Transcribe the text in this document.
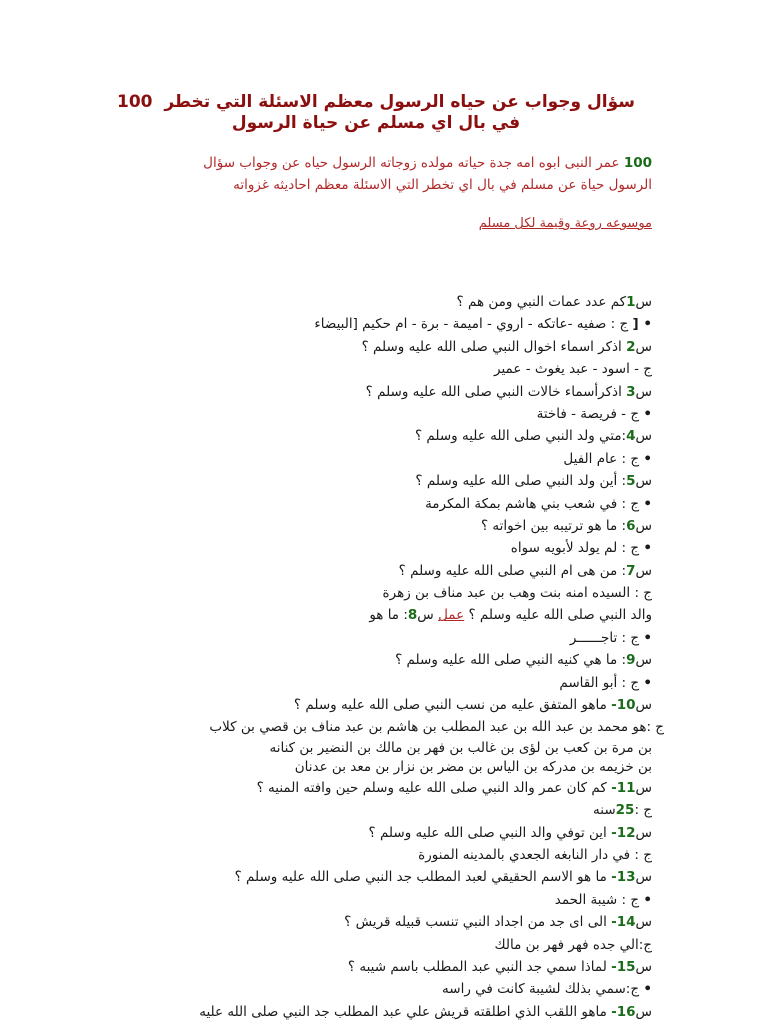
سؤال وجواب عن حياه الرسول معظم الاسئلة التي تخطر  100
في بال اي مسلم عن حياة الرسول
100 عمر النبى ابوه امه جدة حياته مولده زوجاته الرسول حياه عن وجواب سؤال
الرسول حياة عن مسلم في بال اي تخطر التي الاسئلة معظم احاديثه غزواته
موسوعه روعة وقيمة لكل مسلم
س1كم عدد عمات النبي ومن هم ؟
• [ ج : صفيه -عاتكه - اروي - اميمة - برة - ام حكيم [البيضاء
س2 اذكر اسماء اخوال النبي صلى الله عليه وسلم ؟
ج - اسود - عبد يغوث - عمير
س3 اذكرأسماء خالات النبي صلى الله عليه وسلم ؟
• ج - فريصة - فاختة
س4:متي ولد النبي صلى الله عليه وسلم ؟
• ج : عام الفيل
س5: أين ولد النبي صلى الله عليه وسلم ؟
• ج : في شعب بني هاشم بمكة المكرمة
س6: ما هو ترتيبه بين اخواته ؟
• ج : لم يولد لأبويه سواه
س7: من هى ام النبي صلى الله عليه وسلم ؟
ج : السيده امنه بنت وهب بن عبد مناف بن زهرة
والد النبي صلى الله عليه وسلم ؟ عمل س8: ما هو
• ج : تاجــــــر
س9: ما هي كنيه النبي صلى الله عليه وسلم ؟
• ج : أبو القاسم
س10- ماهو المتفق عليه من نسب النبي صلى الله عليه وسلم ؟
ج :هو محمد بن عبد الله بن عبد المطلب بن هاشم بن عبد مناف بن قصي بن كلاب
بن مرة بن كعب بن لؤى بن غالب بن فهر بن مالك بن النضير بن كنانه
بن خزيمه بن مدركه بن الياس بن مضر بن نزار بن معد بن عدنان
س11- كم كان عمر والد النبي صلى الله عليه وسلم حين وافته المنيه ؟
ج :25سنه
س12- اين توفي والد النبي صلى الله عليه وسلم ؟
ج : في دار النابغه الجعدي بالمدينه المنورة
س13- ما هو الاسم الحقيقي لعبد المطلب جد النبي صلى الله عليه وسلم ؟
• ج : شيبة الحمد
س14- الى اى جد من اجداد النبي تنسب قبيله قريش ؟
ج:الي جده فهر فهر بن مالك
س15- لماذا سمي جد النبي عبد المطلب باسم شيبه ؟
• ج:سمي بذلك لشيبة كانت في راسه
س16- ماهو اللقب الذي اطلقته قريش علي عبد المطلب جد النبي صلى الله عليه
